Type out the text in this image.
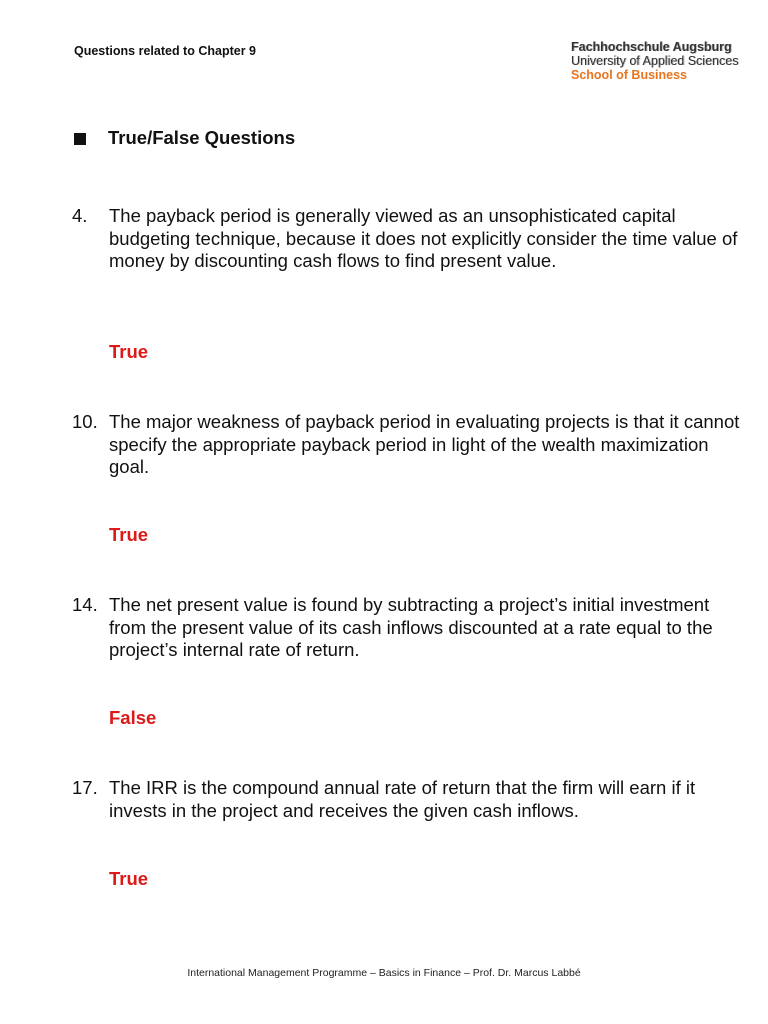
Questions related to Chapter 9	Fachhochschule Augsburg
University of Applied Sciences
School of Business
True/False Questions
4.	The payback period is generally viewed as an unsophisticated capital budgeting technique, because it does not explicitly consider the time value of money by discounting cash flows to find present value.
True
10. The major weakness of payback period in evaluating projects is that it cannot specify the appropriate payback period in light of the wealth maximization goal.
True
14. The net present value is found by subtracting a project’s initial investment from the present value of its cash inflows discounted at a rate equal to the project’s internal rate of return.
False
17. The IRR is the compound annual rate of return that the firm will earn if it invests in the project and receives the given cash inflows.
True
International Management Programme – Basics in Finance – Prof. Dr. Marcus Labbé
